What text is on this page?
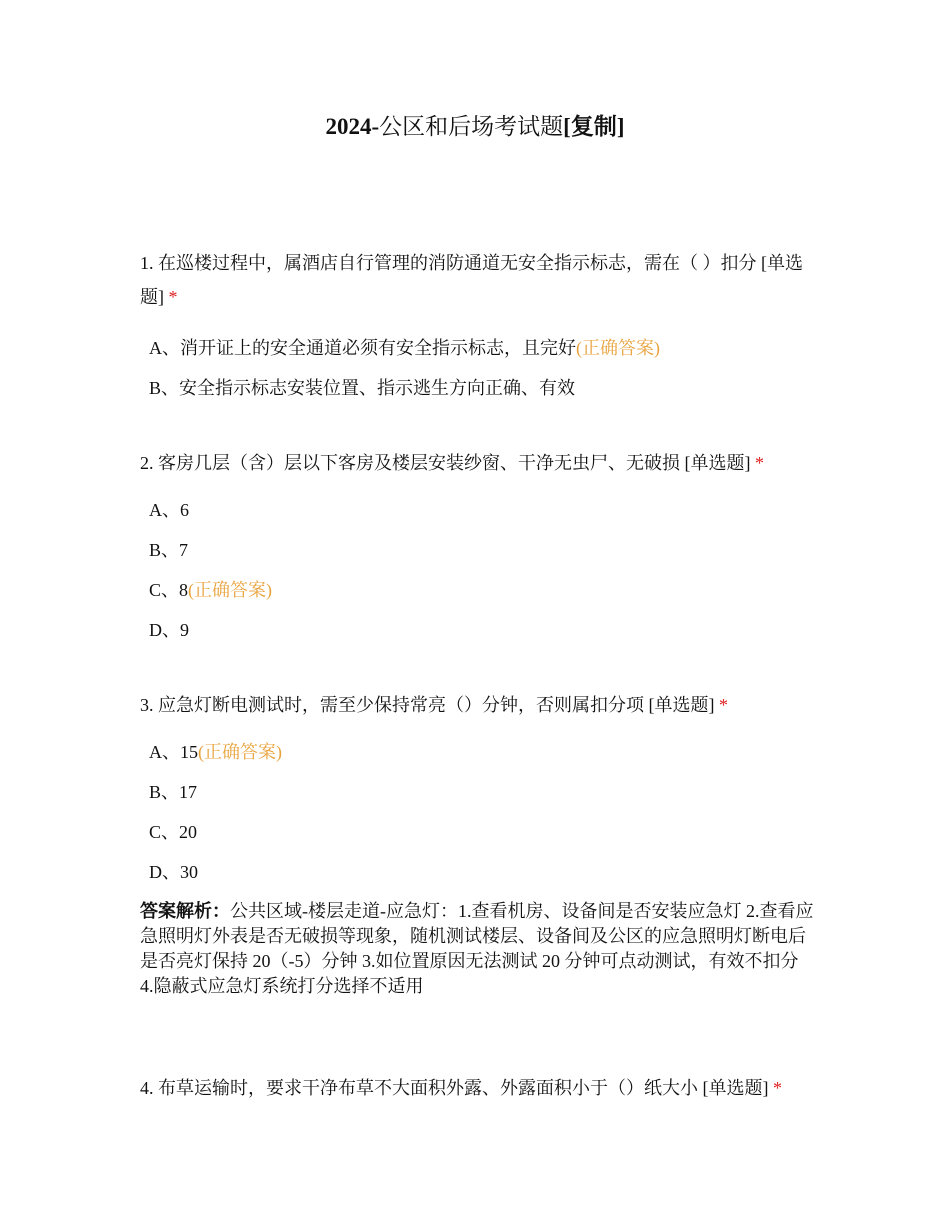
2024-公区和后场考试题[复制]
1. 在巡楼过程中，属酒店自行管理的消防通道无安全指示标志，需在（ ）扣分 [单选题] *
A、消开证上的安全通道必须有安全指示标志，且完好(正确答案)
B、安全指示标志安装位置、指示逃生方向正确、有效
2. 客房几层（含）层以下客房及楼层安装纱窗、干净无虫尸、无破损 [单选题] *
A、6
B、7
C、8(正确答案)
D、9
3. 应急灯断电测试时，需至少保持常亮（）分钟，否则属扣分项 [单选题] *
A、15(正确答案)
B、17
C、20
D、30
答案解析：公共区域-楼层走道-应急灯：1.查看机房、设备间是否安装应急灯 2.查看应急照明灯外表是否无破损等现象，随机测试楼层、设备间及公区的应急照明灯断电后是否亮灯保持 20（-5）分钟 3.如位置原因无法测试 20 分钟可点动测试，有效不扣分 4.隐蔽式应急灯系统打分选择不适用
4. 布草运输时，要求干净布草不大面积外露、外露面积小于（）纸大小 [单选题] *
